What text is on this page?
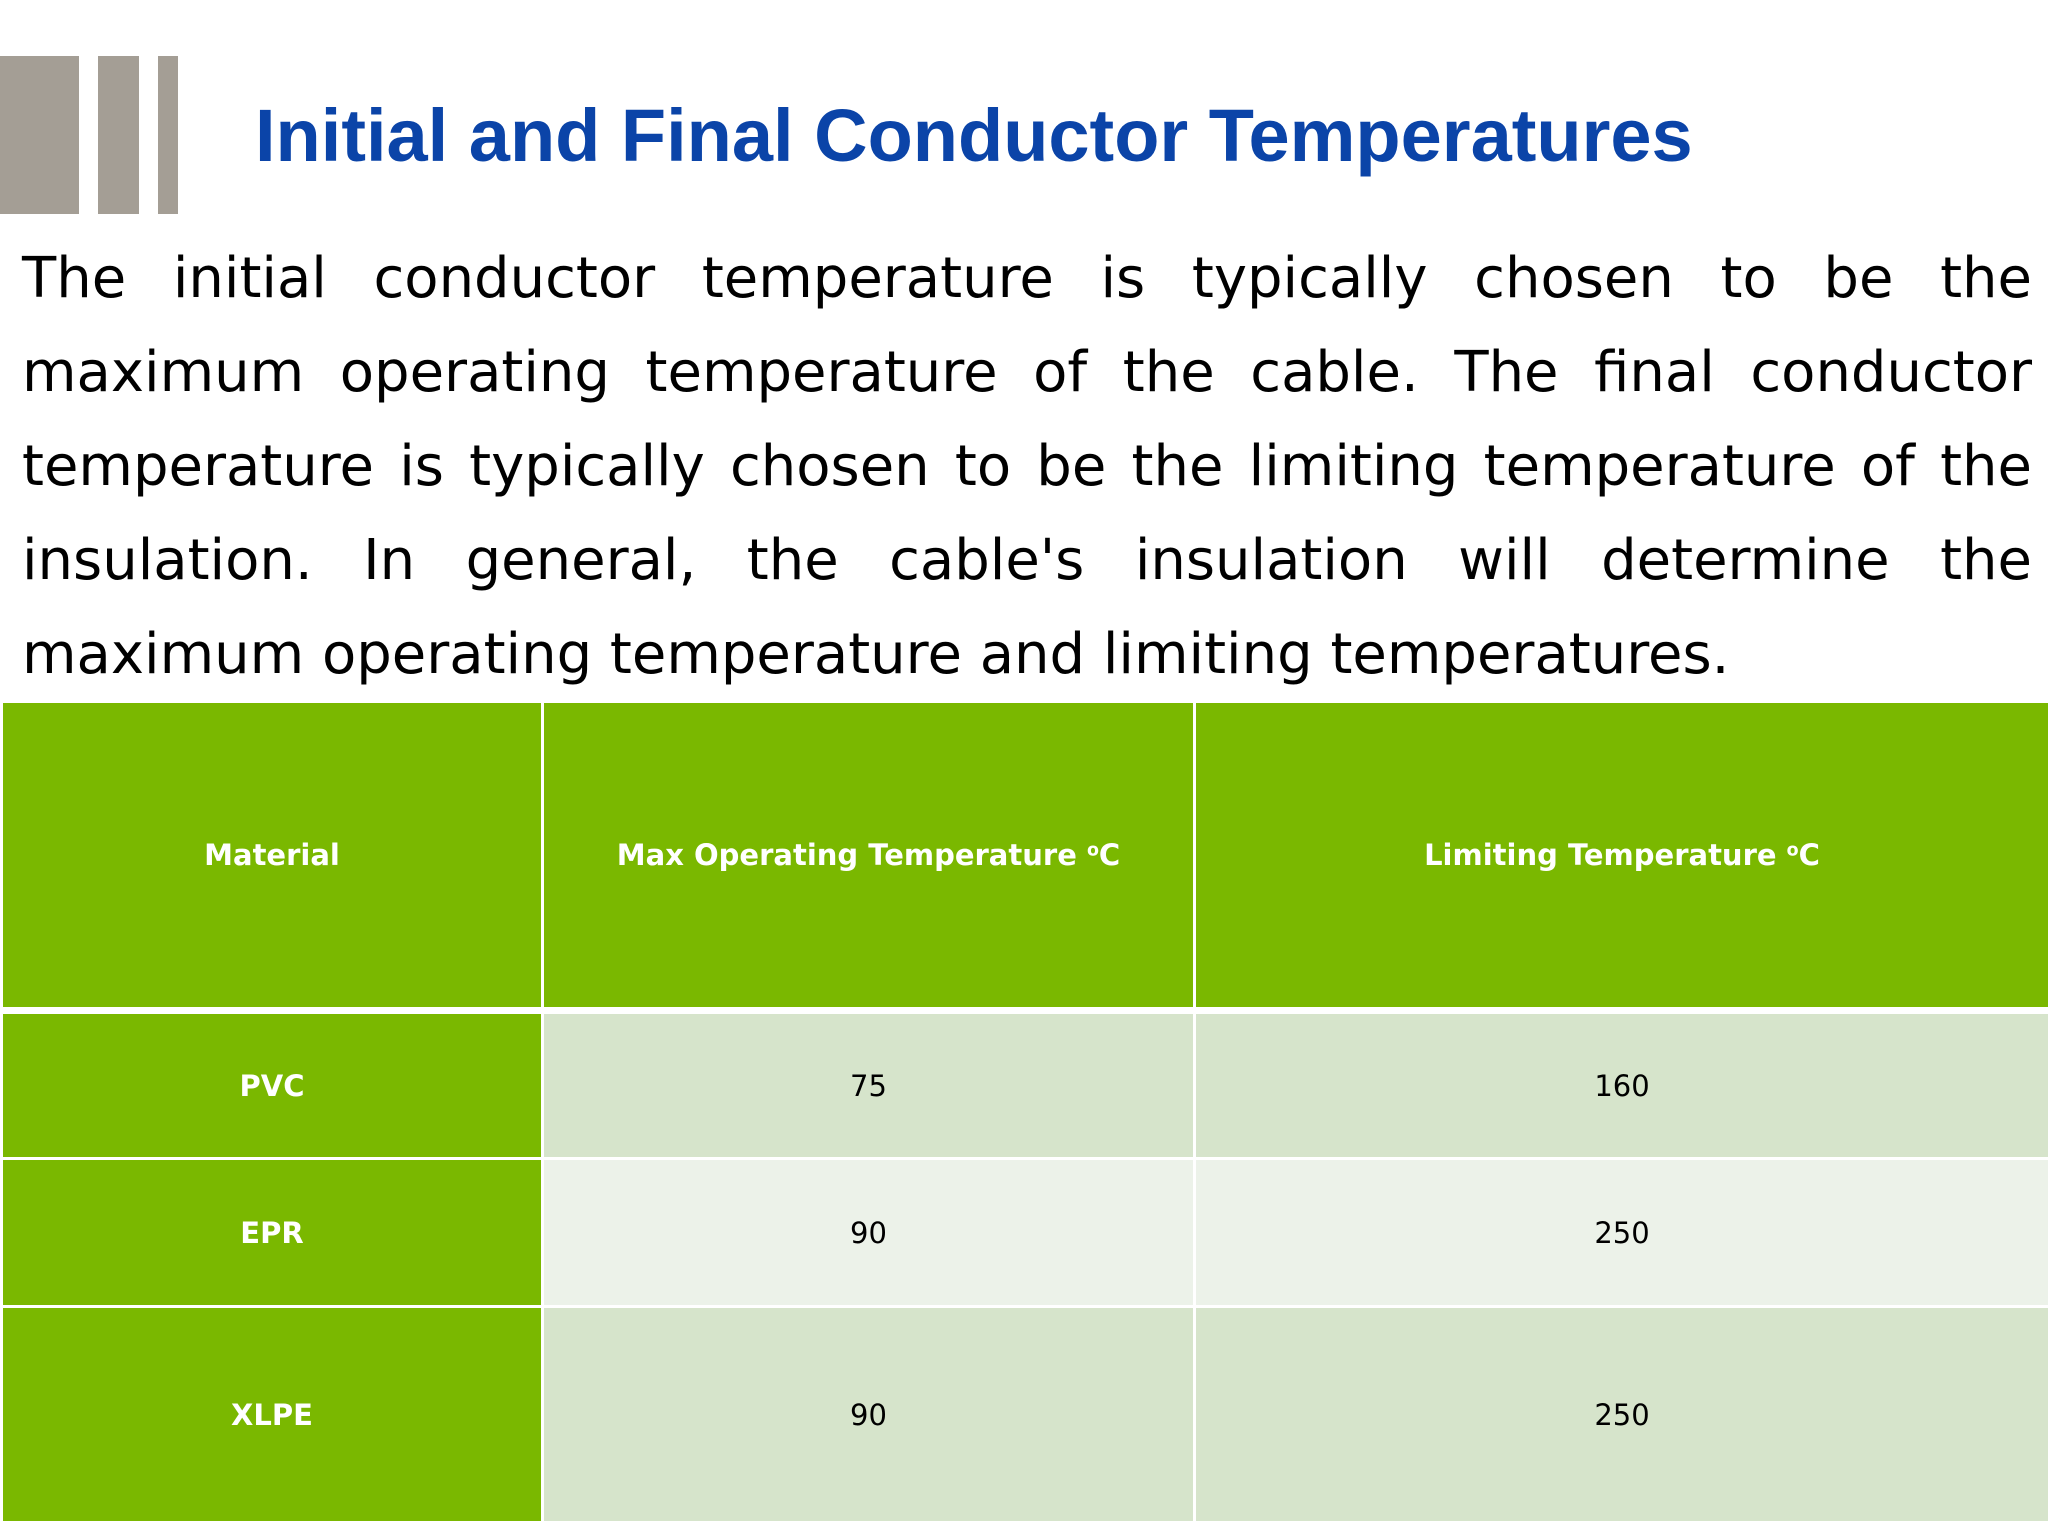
Initial and Final Conductor Temperatures

The initial conductor temperature is typically chosen to be the maximum operating temperature of the cable. The final conductor temperature is typically chosen to be the limiting temperature of the insulation. In general, the cable's insulation will determine the maximum operating temperature and limiting temperatures.

Material	Max Operating Temperature $^o$C	Limiting Temperature $^o$C
PVC	75	160
EPR	90	250
XLPE	90	250
